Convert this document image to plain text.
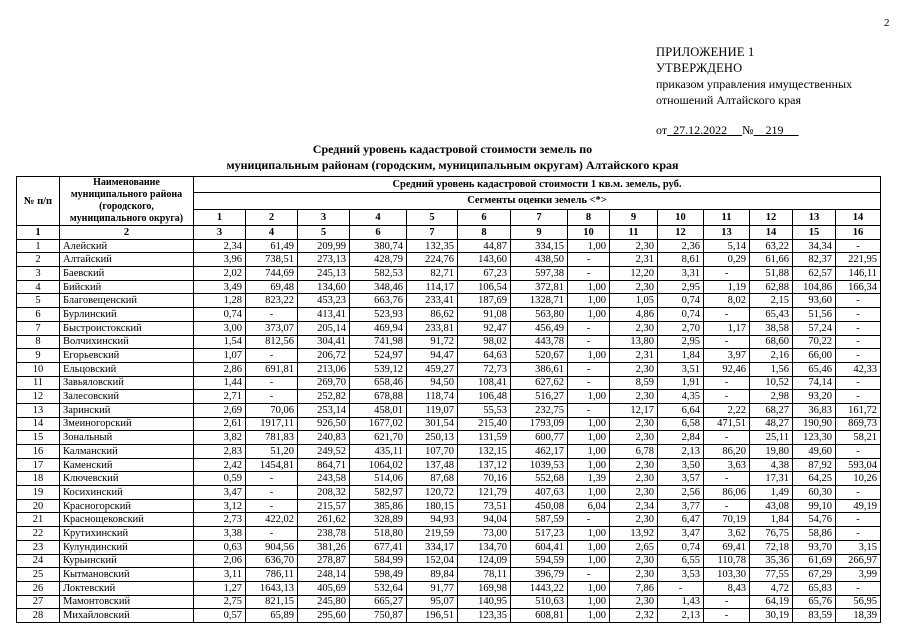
2
ПРИЛОЖЕНИЕ 1
УТВЕРЖДЕНО
приказом управления имущественных
отношений Алтайского края
от 27.12.2022 № 219
Средний уровень кадастровой стоимости земель по
муниципальным районам (городским, муниципальным округам) Алтайского края
№ п/п	Наименование муниципального района (городского, муниципального округа)	Средний уровень кадастровой стоимости 1 кв.м. земель, руб.													
		Сегменты оценки земель <*>													
		1	2	3	4	5	6	7	8	9	10	11	12	13	14
1	2	3	4	5	6	7	8	9	10	11	12	13	14	15	16
1	Алейский	2,34	61,49	209,99	380,74	132,35	44,87	334,15	1,00	2,30	2,36	5,14	63,22	34,34	-
2	Алтайский	3,96	738,51	273,13	428,79	224,76	143,60	438,50	-	2,31	8,61	0,29	61,66	82,37	221,95
3	Баевский	2,02	744,69	245,13	582,53	82,71	67,23	597,38	-	12,20	3,31	-	51,88	62,57	146,11
4	Бийский	3,49	69,48	134,60	348,46	114,17	106,54	372,81	1,00	2,30	2,95	1,19	62,88	104,86	166,34
5	Благовещенский	1,28	823,22	453,23	663,76	233,41	187,69	1328,71	1,00	1,05	0,74	8,02	2,15	93,60	-
6	Бурлинский	0,74	-	413,41	523,93	86,62	91,08	563,80	1,00	4,86	0,74	-	65,43	51,56	-
7	Быстроистокский	3,00	373,07	205,14	469,94	233,81	92,47	456,49	-	2,30	2,70	1,17	38,58	57,24	-
8	Волчихинский	1,54	812,56	304,41	741,98	91,72	98,02	443,78	-	13,80	2,95	-	68,60	70,22	-
9	Егорьевский	1,07	-	206,72	524,97	94,47	64,63	520,67	1,00	2,31	1,84	3,97	2,16	66,00	-
10	Ельцовский	2,86	691,81	213,06	539,12	459,27	72,73	386,61	-	2,30	3,51	92,46	1,56	65,46	42,33
11	Завьяловский	1,44	-	269,70	658,46	94,50	108,41	627,62	-	8,59	1,91	-	10,52	74,14	-
12	Залесовский	2,71	-	252,82	678,88	118,74	106,48	516,27	1,00	2,30	4,35	-	2,98	93,20	-
13	Заринский	2,69	70,06	253,14	458,01	119,07	55,53	232,75	-	12,17	6,64	2,22	68,27	36,83	161,72
14	Змеиногорский	2,61	1917,11	926,50	1677,02	301,54	215,40	1793,09	1,00	2,30	6,58	471,51	48,27	190,90	869,73
15	Зональный	3,82	781,83	240,83	621,70	250,13	131,59	600,77	1,00	2,30	2,84	-	25,11	123,30	58,21
16	Калманский	2,83	51,20	249,52	435,11	107,70	132,15	462,17	1,00	6,78	2,13	86,20	19,80	49,60	-
17	Каменский	2,42	1454,81	864,71	1064,02	137,48	137,12	1039,53	1,00	2,30	3,50	3,63	4,38	87,92	593,04
18	Ключевский	0,59	-	243,58	514,06	87,68	70,16	552,68	1,39	2,30	3,57	-	17,31	64,25	10,26
19	Косихинский	3,47	-	208,32	582,97	120,72	121,79	407,63	1,00	2,30	2,56	86,06	1,49	60,30	-
20	Красногорский	3,12	-	215,57	385,86	180,15	73,51	450,08	6,04	2,34	3,77	-	43,08	99,10	49,19
21	Краснощековский	2,73	422,02	261,62	328,89	94,93	94,04	587,59	-	2,30	6,47	70,19	1,84	54,76	-
22	Крутихинский	3,38	-	238,78	518,80	219,59	73,00	517,23	1,00	13,92	3,47	3,62	76,75	58,86	-
23	Кулундинский	0,63	904,56	381,26	677,41	334,17	134,70	604,41	1,00	2,65	0,74	69,41	72,18	93,70	3,15
24	Курьинский	2,06	636,70	278,87	584,99	152,04	124,09	594,59	1,00	2,30	6,55	110,78	35,36	61,69	266,97
25	Кытмановский	3,11	786,11	248,14	598,49	89,84	78,11	396,79	-	2,30	3,53	103,30	77,55	67,29	3,99
26	Локтевский	1,27	1643,13	405,69	532,64	91,77	169,98	1443,22	1,00	7,86	-	8,43	4,72	65,83	-
27	Мамонтовский	2,75	821,15	245,80	665,27	95,07	140,95	510,63	1,00	2,30	1,43	-	64,19	65,76	56,95
28	Михайловский	0,57	65,89	295,60	750,87	196,51	123,35	608,81	1,00	2,32	2,13	-	30,19	83,59	18,39
